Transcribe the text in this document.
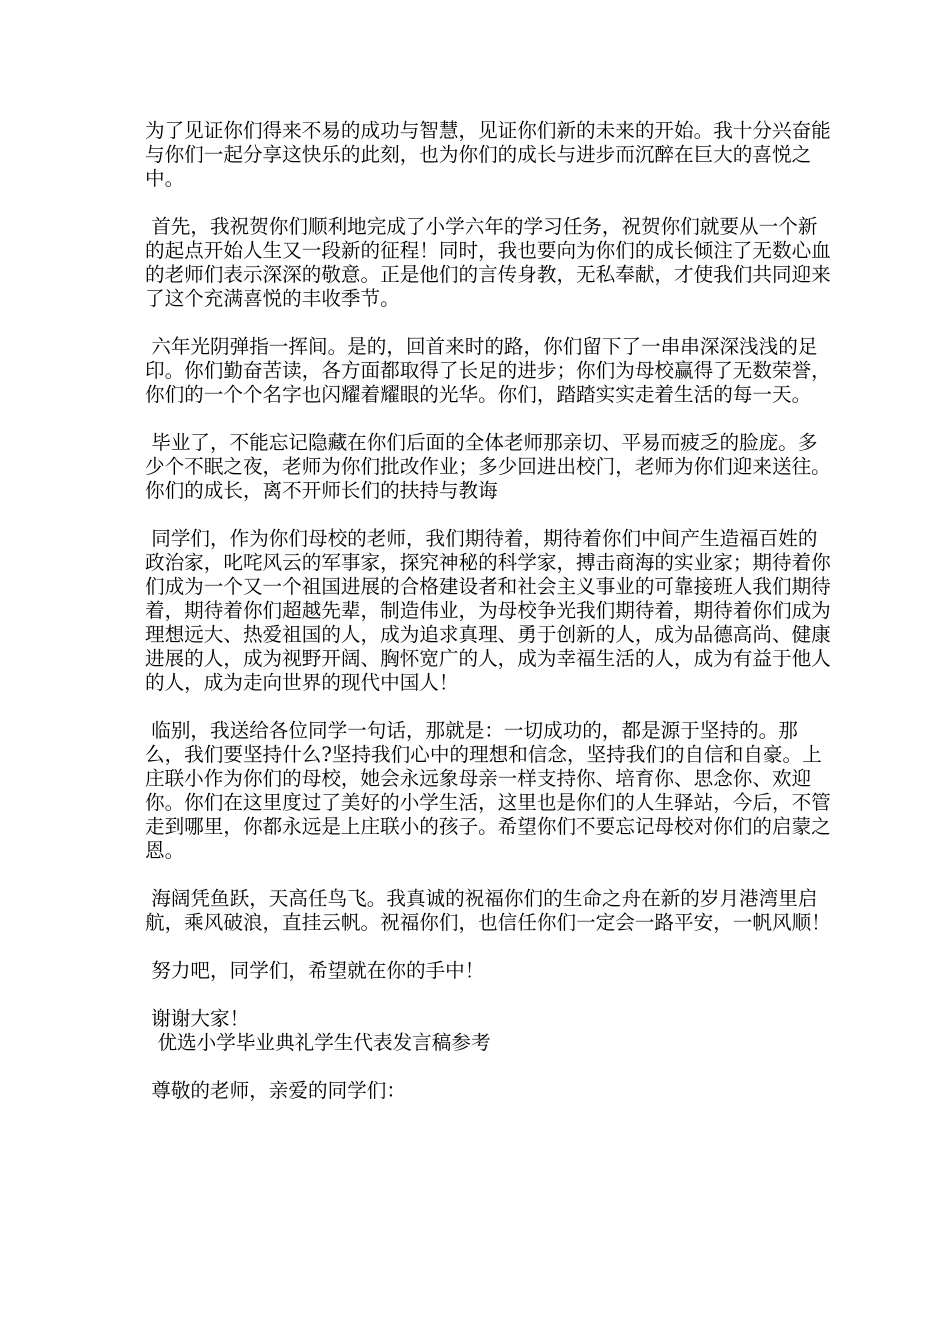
为了见证你们得来不易的成功与智慧，见证你们新的未来的开始。我十分兴奋能与你们一起分享这快乐的此刻，也为你们的成长与进步而沉醉在巨大的喜悦之中。

首先，我祝贺你们顺利地完成了小学六年的学习任务，祝贺你们就要从一个新的起点开始人生又一段新的征程！同时，我也要向为你们的成长倾注了无数心血的老师们表示深深的敬意。正是他们的言传身教，无私奉献，才使我们共同迎来了这个充满喜悦的丰收季节。

六年光阴弹指一挥间。是的，回首来时的路，你们留下了一串串深深浅浅的足印。你们勤奋苦读，各方面都取得了长足的进步；你们为母校赢得了无数荣誉，你们的一个个名字也闪耀着耀眼的光华。你们，踏踏实实走着生活的每一天。

毕业了，不能忘记隐藏在你们后面的全体老师那亲切、平易而疲乏的脸庞。多少个不眠之夜，老师为你们批改作业；多少回进出校门，老师为你们迎来送往。你们的成长，离不开师长们的扶持与教诲

同学们，作为你们母校的老师，我们期待着，期待着你们中间产生造福百姓的政治家，叱咤风云的军事家，探究神秘的科学家，搏击商海的实业家；期待着你们成为一个又一个祖国进展的合格建设者和社会主义事业的可靠接班人我们期待着，期待着你们超越先辈，制造伟业，为母校争光我们期待着，期待着你们成为理想远大、热爱祖国的人，成为追求真理、勇于创新的人，成为品德高尚、健康进展的人，成为视野开阔、胸怀宽广的人，成为幸福生活的人，成为有益于他人的人，成为走向世界的现代中国人！

临别，我送给各位同学一句话，那就是：一切成功的，都是源于坚持的。那么，我们要坚持什么?坚持我们心中的理想和信念，坚持我们的自信和自豪。上庄联小作为你们的母校，她会永远象母亲一样支持你、培育你、思念你、欢迎你。你们在这里度过了美好的小学生活，这里也是你们的人生驿站，今后，不管走到哪里，你都永远是上庄联小的孩子。希望你们不要忘记母校对你们的启蒙之恩。

海阔凭鱼跃，天高任鸟飞。我真诚的祝福你们的生命之舟在新的岁月港湾里启航，乘风破浪，直挂云帆。祝福你们，也信任你们一定会一路平安，一帆风顺！

努力吧，同学们，希望就在你的手中！

谢谢大家！

优选小学毕业典礼学生代表发言稿参考

尊敬的老师，亲爱的同学们：
